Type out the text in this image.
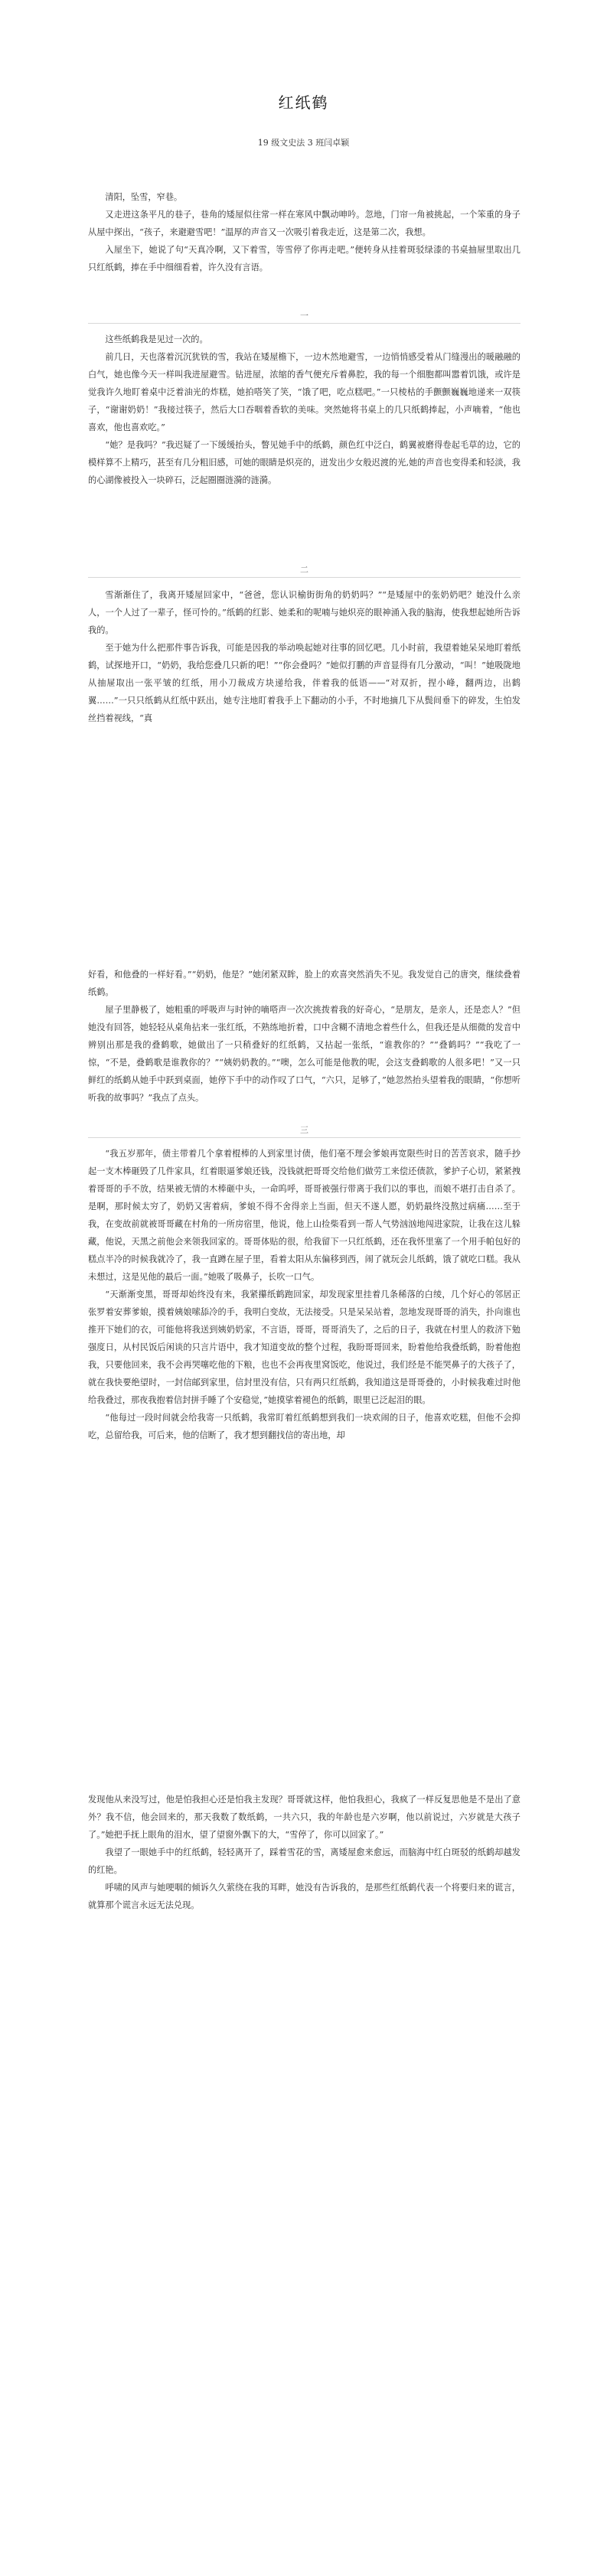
红纸鹤
19 级文史法 3 班闫卓颖

清阳，坠雪，窄巷。

又走进这条平凡的巷子，巷角的矮屋似往常一样在寒风中飘动呻吟。忽地，门帘一角被挑起，一个笨重的身子从屋中探出，“孩子，来避避雪吧！”温厚的声音又一次吸引着我走近，这是第二次，我想。

入屋坐下，她说了句“天真冷啊，又下着雪，等雪停了你再走吧。”便转身从挂着斑驳绿漆的书桌抽屉里取出几只红纸鹤，捧在手中细细看着，许久没有言语。

一

这些纸鹤我是见过一次的。

前几日，天也落着沉沉犹铁的雪，我站在矮屋檐下，一边木然地避雪，一边悄悄感受着从门缝漫出的暖融融的白气，她也像今天一样叫我进屋避雪。钻进屋，浓缩的香气便充斥着鼻腔，我的每一个细胞都叫嚣着饥饿，或许是觉我许久地盯着桌中泛着油光的炸糕，她拍嗒笑了笑，“饿了吧，吃点糕吧。”一只棱枯的手颤颤巍巍地递来一双筷子，“谢谢奶奶！”我接过筷子，然后大口吞咽着香软的美味。突然她将书桌上的几只纸鹤捧起，小声嘀着，“他也喜欢，他也喜欢吃。”

“她？是我吗？”我迟疑了一下缓缓抬头，瞥见她手中的纸鹤，颜色红中泛白，鹤翼被磨得卷起毛草的边，它的模样算不上精巧，甚至有几分粗旧感，可她的眼睛是炽亮的，迸发出少女般迟渡的光,她的声音也变得柔和轻淡，我的心湖像被投入一块碎石，泛起圈圈涟漪的涟漪。

二

雪渐渐住了，我离开矮屋回家中，“爸爸，您认识榆街街角的奶奶吗？”“是矮屋中的张奶奶吧？她没什么亲人，一个人过了一辈子，怪可怜的。”纸鹤的红影、她柔和的呢喃与她炽亮的眼神涌入我的脑海，使我想起她所告诉我的。

至于她为什么把那件事告诉我，可能是因我的举动唤起她对往事的回忆吧。几小时前，我望着她呆呆地盯着纸鹤，试探地开口，“奶奶，我给您叠几只新的吧！”“你会叠吗？”她似打鹏的声音显得有几分激动，“叫！”她吸陇地从抽屉取出一张平皱的红纸，用小刀裁成方块递给我，伴着我的低语——“对双折，捏小峰，翻两边，出鹤翼……”一只只纸鹤从红纸中跃出，她专注地盯着我手上下翻动的小手，不时地摘几下从鬓间垂下的碎发，生怕发丝挡着视线，“真

好看，和他叠的一样好看。”“奶奶，他是？”她闭紧双眸，脸上的欢喜突然消失不见。我发觉自己的唐突，继续叠着纸鹤。

屋子里静极了，她粗重的呼吸声与时钟的嘀嗒声一次次挑拨着我的好奇心，“是朋友，是亲人，还是恋人？”但她没有回答，她轻轻从桌角拈来一张红纸，不熟练地折着，口中含糊不清地念着些什么，但我还是从细微的发音中辨别出那是我的叠鹤歌，她做出了一只稍叠好的红纸鹤，又拈起一张纸，“谁教你的？”“叠鹤吗？”“我吃了一惊，“不是，叠鹤歌是谁教你的？”“姨奶奶教的。”“噢，怎么可能是他教的呢，会这支叠鹤歌的人很多吧！”又一只鲜红的纸鹤从她手中跃到桌面，她停下手中的动作叹了口气，“六只，足够了，”她忽然抬头望着我的眼睛，“你想听听我的故事吗？”我点了点头。

三

“我五岁那年，债主带着几个拿着棍棒的人到家里讨债，他们毫不理会爹娘再宽限些时日的苦苦哀求，随手抄起一支木棒砸毁了几件家具，红着眼逼爹娘还钱，没钱就把哥哥交给他们做劳工来偿还债款，爹护子心切，紧紧拽着哥哥的手不放，结果被无情的木棒砸中头，一命呜呼，哥哥被强行带离于我们以的事也，而娘不堪打击自杀了。是啊，那时候太穷了，奶奶又害着病，爹娘不得不舍得亲上当面，但天不遂人愿，奶奶最终没熬过病痛……至于我，在变故前就被哥哥藏在村角的一所房宿里，他说，他上山捡柴看到一帮人气势汹汹地闯进家院，让我在这儿躲藏，他说，天黑之前他会来领我回家的。哥哥体贴的很，给我留下一只红纸鹤，还在我怀里塞了一个用手帕包好的糕点半冷的时候我就冷了，我一直蹲在屋子里，看着太阳从东偏移到西，闹了就玩会儿纸鹤，饿了就吃口糕。我从未想过，这是见他的最后一面。”她吸了吸鼻子，长吹一口气。

“天渐渐变黑，哥哥却始终没有来，我紧攥纸鹤跑回家，却发现家里挂着几条稀落的白绫，几个好心的邻居正张罗着安葬爹娘，摸着姨娘嗦舔冷的手，我明白变故，无法接受。只是呆呆站着，忽地发现哥哥的消失，扑向谁也推开下她们的衣，可能他将我送到姨奶奶家，不言语，哥哥，哥哥消失了，之后的日子，我就在村里人的救济下勉强度日，从村民饭后闲谈的只言片语中，我才知道变故的整个过程，我盼哥哥回来，盼着他给我叠纸鹤，盼着他抱我，只要他回来，我不会再哭噻吃他的下粮，也也不会再夜里窝饭吃，他说过，我们经是不能哭鼻子的大孩子了，就在我快要绝望时，一封信邮到家里，信封里没有信，只有两只红纸鹤，我知道这是哥哥叠的，小时候我难过时他给我叠过，那夜我抱着信封拼手睡了个安稳觉，”她摸挲着褪色的纸鹤，眼里已泛起泪的眼。

“他每过一段时间就会给我寄一只纸鹤，我常盯着红纸鹤想到我们一块欢闹的日子，他喜欢吃糕，但他不会抑吃，总留给我，可后来，他的信断了，我才想到翻找信的寄出地，却

发现他从来没写过，他是怕我担心还是怕我主发现？哥哥就这样，他怕我担心，我疯了一样反复思他是不是出了意外？我不信，他会回来的，那天我数了数纸鹤，一共六只，我的年龄也是六岁啊，他以前说过，六岁就是大孩子了。”她把手抚上眼角的泪水，望了望窗外飘下的大，“雪停了，你可以回家了。”

我望了一眼她手中的红纸鹤，轻轻离开了，踩着雪花的雪，离矮屋愈来愈远，而脑海中红白斑驳的纸鹤却越发的红艳。

呼啸的风声与她哽咽的倾诉久久萦绕在我的耳畔，她没有告诉我的，是那些红纸鹤代表一个将要归来的谎言，就算那个谎言永远无法兑现。
